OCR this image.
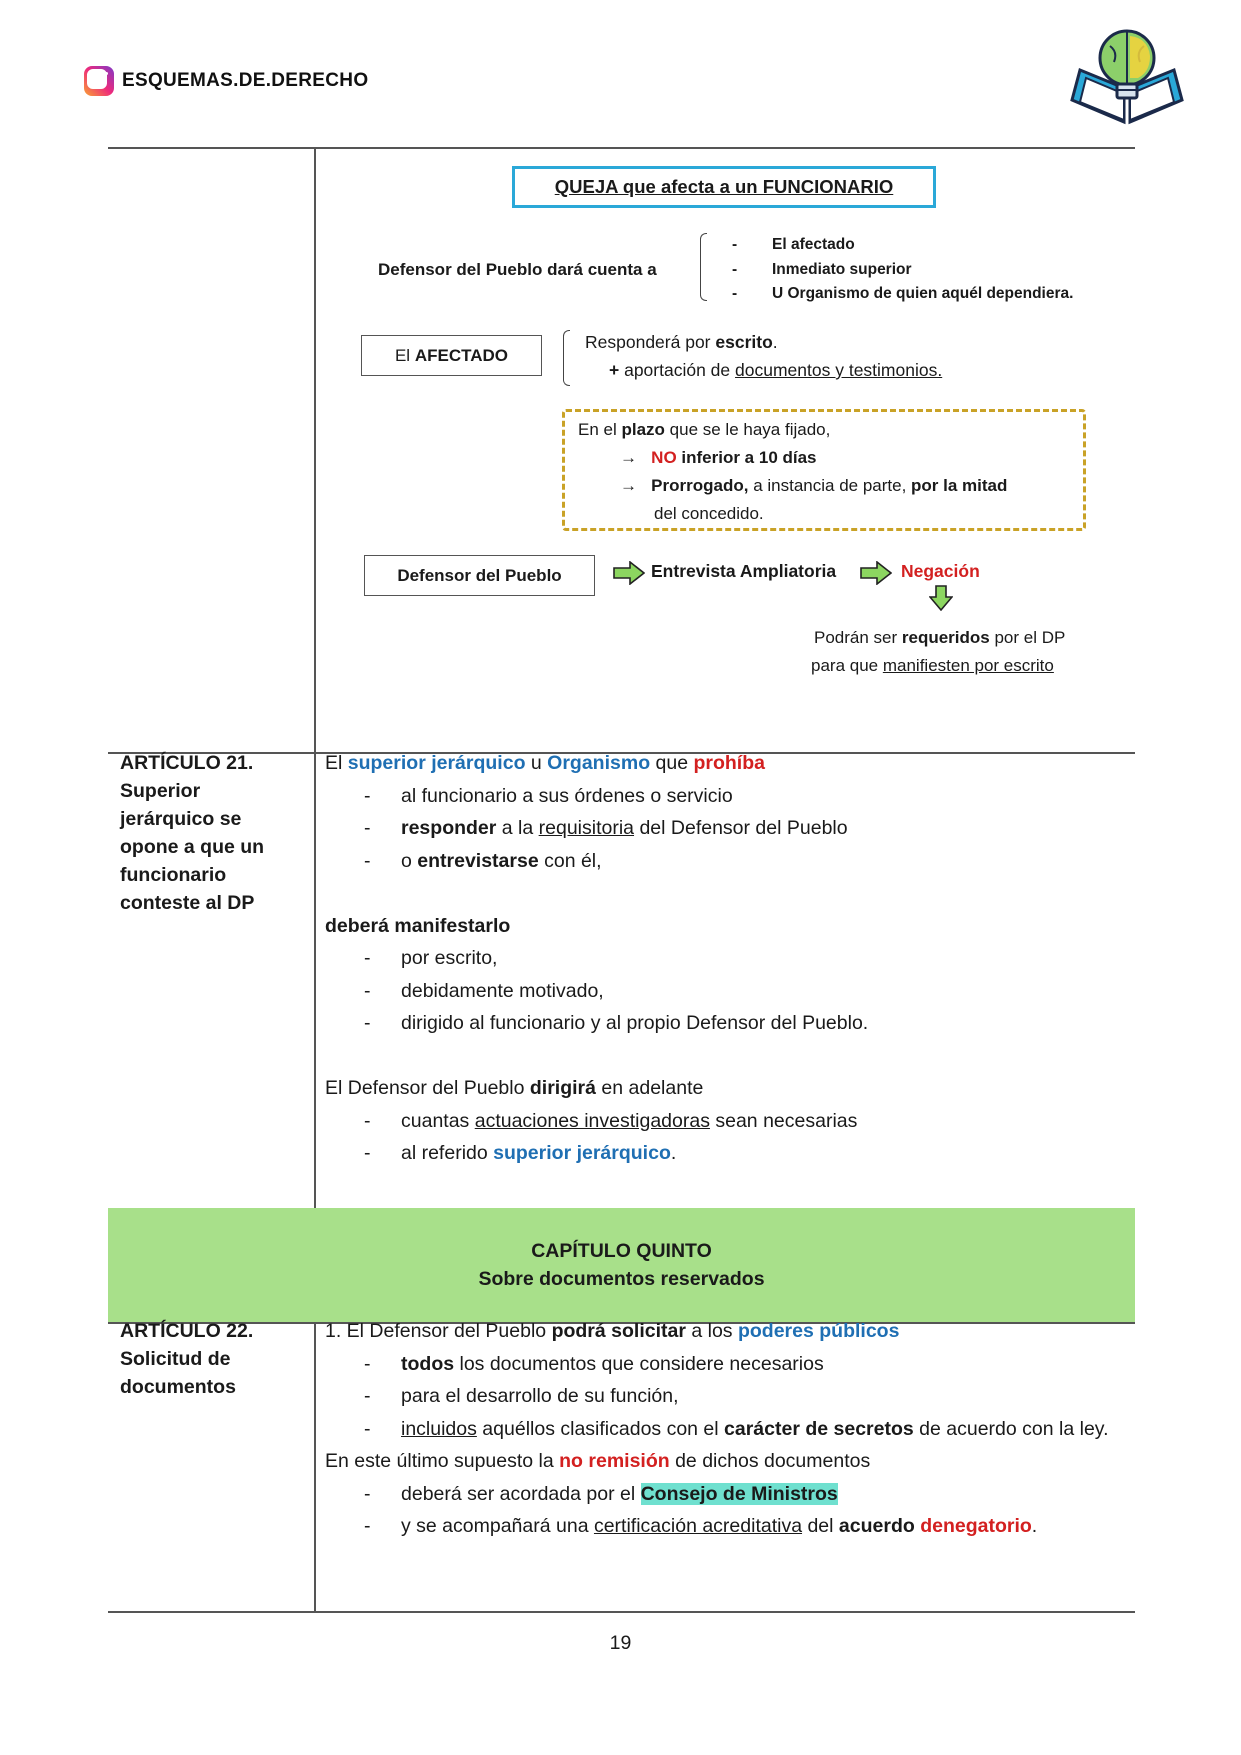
ESQUEMAS.DE.DERECHO
QUEJA que afecta a un FUNCIONARIO
Defensor del Pueblo dará cuenta a
- El afectado
- Inmediato superior
- U Organismo de quien aquél dependiera.
El
AFECTADO
Responderá por escrito.
+ aportación de documentos y testimonios.
En el plazo que se le haya fijado,
→ NO inferior a 10 días
→ Prorrogado, a instancia de parte, por la mitad
del concedido.
Defensor del Pueblo	Entrevista Ampliatoria	Negación
Podrán ser requeridos por el DP
para que manifiesten por escrito
ARTÍCULO 21.
Superior
jerárquico se
opone a que un
funcionario
conteste al DP
El superior jerárquico u Organismo que prohíba
- al funcionario a sus órdenes o servicio
- responder a la requisitoria del Defensor del Pueblo
- o entrevistarse con él,
deberá manifestarlo
- por escrito,
- debidamente motivado,
- dirigido al funcionario y al propio Defensor del Pueblo.
El Defensor del Pueblo dirigirá en adelante
- cuantas actuaciones investigadoras sean necesarias
- al referido superior jerárquico.
CAPÍTULO QUINTO
Sobre documentos reservados
ARTÍCULO 22.
Solicitud de
documentos
1. El Defensor del Pueblo podrá solicitar a los poderes públicos
- todos los documentos que considere necesarios
- para el desarrollo de su función,
- incluidos aquéllos clasificados con el carácter de secretos de acuerdo con la ley.
En este último supuesto la no remisión de dichos documentos
- deberá ser acordada por el Consejo de Ministros
- y se acompañará una certificación acreditativa del acuerdo denegatorio.
19
